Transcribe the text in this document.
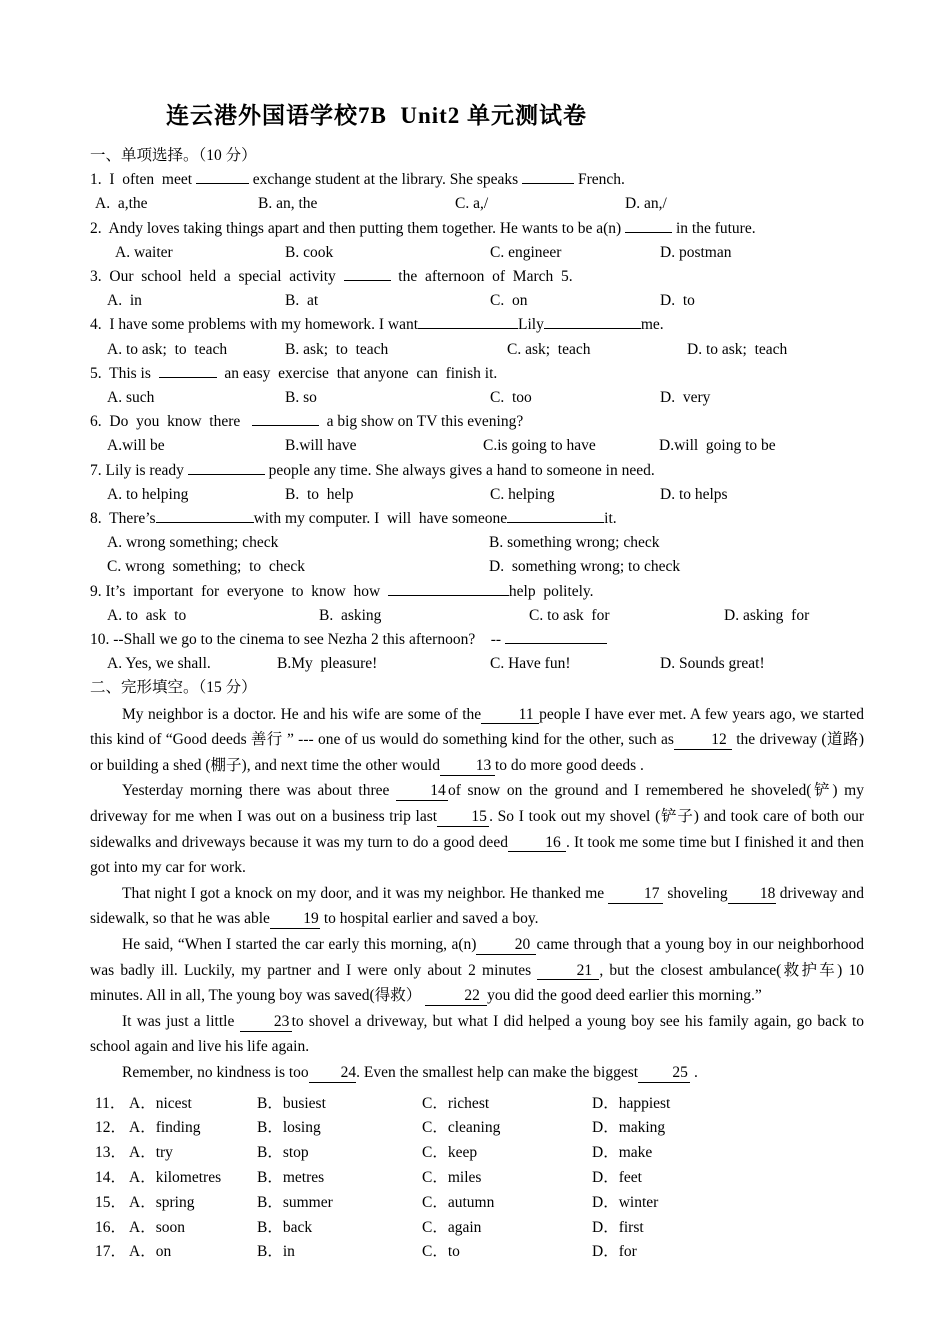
连云港外国语学校7B  Unit2 单元测试卷
一、单项选择。（10 分）
1.  I  often  meet	exchange student at the library. She speaks	French.
A.  a,the	B. an, the	C. a,/	D. an,/
2.  Andy loves taking things apart and then putting them together. He wants to be a(n)	in the future.
A. waiter	B. cook	C. engineer	D. postman
3.  Our  school  held  a  special  activity	the  afternoon  of  March  5.
A.  in	B.  at	C.  on	D.  to
4.  I have some problems with my homework. I want	Lily	me.
A. to ask;  to  teach	B. ask;  to  teach	C. ask;  teach	D. to ask;  teach
5.  This is	an easy  exercise  that anyone  can  finish it.
A. such	B. so	C.  too	D.  very
6.  Do  you  know  there	a big show on TV this evening?
A.will be	B.will have	C.is going to have	D.will  going to be
7. Lily is ready	people any time. She always gives a hand to someone in need.
A. to helping	B.  to  help	C. helping	D. to helps
8.  There’s	with my computer. I  will  have someone	it.
A. wrong something; check	B. something wrong; check
C. wrong  something;  to  check	D.  something wrong; to check
9. It’s  important  for  everyone  to  know  how	help  politely.
A. to  ask  to	B.  asking	C. to ask  for	D. asking  for
10. --Shall we go to the cinema to see Nezha 2 this afternoon?    --
A. Yes, we shall.	B.My  pleasure!	C. Have fun!	D. Sounds great!
二、完形填空。（15 分）
My neighbor is a doctor. He and his wife are some of the 11 people I have ever met. A few years ago, we started this kind of “Good deeds 善行 ” --- one of us would do something kind for the other, such as 12 the driveway (道路) or building a shed (棚子), and next time the other would 13 to do more good deeds .
Yesterday morning there was about three 14 of snow on the ground and I remembered he shoveled(铲) my driveway for me when I was out on a business trip last 15 . So I took out my shovel (铲子) and took care of both our sidewalks and driveways because it was my turn to do a good deed 16 . It took me some time but I finished it and then got into my car for work.
That night I got a knock on my door, and it was my neighbor. He thanked me 17 shoveling 18 driveway and sidewalk, so that he was able 19 to hospital earlier and saved a boy.
He said, “When I started the car early this morning, a(n) 20 came through that a young boy in our neighborhood was badly ill. Luckily, my partner and I were only about 2 minutes	21 , but the closest ambulance(救护车) 10 minutes. All in all, The young boy was saved(得救）	22 you did the good deed earlier this morning.”
It was just a little 23 to shovel a driveway, but what I did helped a young boy see his family again, go back to school again and live his life again.
Remember, no kindness is too 24. Even the smallest help can make the biggest 25 .
11． A．nicest	B．busiest	C．richest	D．happiest
12． A．finding	B．losing	C．cleaning	D．making
13． A．try	B．stop	C．keep	D．make
14． A．kilometres	B．metres	C．miles	D．feet
15． A．spring	B．summer	C．autumn	D．winter
16． A．soon	B．back	C．again	D．first
17． A．on	B．in	C．to	D．for
